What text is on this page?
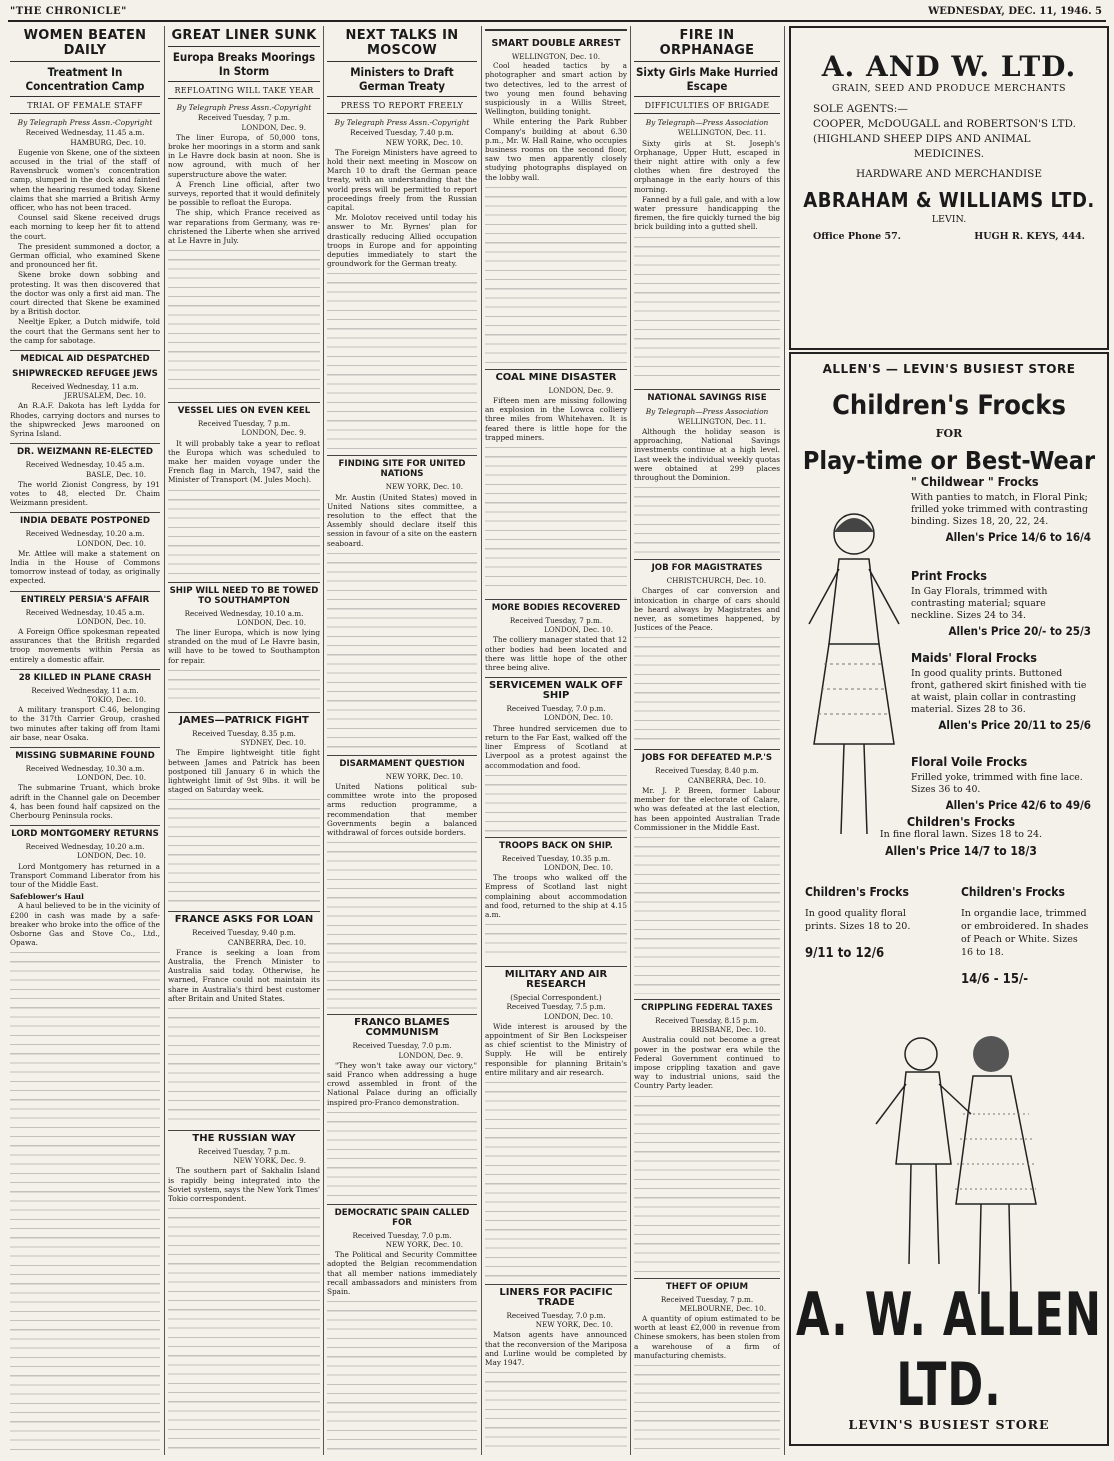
"THE CHRONICLE"	WEDNESDAY, DEC. 11, 1946. 5
WOMEN BEATEN DAILY
Treatment In Concentration Camp
TRIAL OF FEMALE STAFF
By Telegraph Press Assn.-Copyright
Received Wednesday, 11.45 a.m.
HAMBURG, Dec. 10.

Eugenie von Skene, one of the sixteen accused in the trial of the staff of Ravensbruck women's concentration camp, slumped in the dock and fainted when the hearing resumed today. Skene claims that she married a British Army officer, who has not been traced.

Counsel said Skene received drugs each morning to keep her fit to attend the court.

The president summoned a doctor, a German official, who examined Skene and pronounced her fit.

Skene broke down sobbing and protesting. It was then discovered that the doctor was only a first aid man. The court directed that Skene be examined by a British doctor.

Neeltje Epker, a Dutch midwife, told the court that the Germans sent her to the camp for sabotage.

MEDICAL AID DESPATCHED
SHIPWRECKED REFUGEE JEWS
Received Wednesday, 11 a.m.
JERUSALEM, Dec. 10.

An R.A.F. Dakota has left Lydda for Rhodes, carrying doctors and nurses to the shipwrecked Jews marooned on Syrina Island.

DR. WEIZMANN RE-ELECTED
Received Wednesday, 10.45 a.m.
BASLE, Dec. 10.

The world Zionist Congress, by 191 votes to 48, elected Dr. Chaim Weizmann president.

INDIA DEBATE POSTPONED
Received Wednesday, 10.20 a.m.
LONDON, Dec. 10.

Mr. Attlee will make a statement on India in the House of Commons tomorrow instead of today, as originally expected.

ENTIRELY PERSIA'S AFFAIR
Received Wednesday, 10.45 a.m.
LONDON, Dec. 10.

A Foreign Office spokesman repeated assurances that the British regarded troop movements within Persia as entirely a domestic affair.

28 KILLED IN PLANE CRASH
Received Wednesday, 11 a.m.
TOKIO, Dec. 10.

A military transport C.46, belonging to the 317th Carrier Group, crashed two minutes after taking off from Itami air base, near Osaka.

MISSING SUBMARINE FOUND
Received Wednesday, 10.30 a.m.
LONDON, Dec. 10.

The submarine Truant, which broke adrift in the Channel gale on December 4, has been found half capsized on the Cherbourg Peninsula rocks.

LORD MONTGOMERY RETURNS
Received Wednesday, 10.20 a.m.
LONDON, Dec. 10.

Lord Montgomery has returned in a Transport Command Liberator from his tour of the Middle East.

Safeblower's Haul

A haul believed to be in the vicinity of £200 in cash was made by a safe-breaker who broke into the office of the Osborne Gas and Stove Co., Ltd., Opawa.

GREAT LINER SUNK
Europa Breaks Moorings In Storm
REFLOATING WILL TAKE YEAR
By Telegraph Press Assn.-Copyright
Received Tuesday, 7 p.m.
LONDON, Dec. 9.

The liner Europa, of 50,000 tons, broke her moorings in a storm and sank in Le Havre dock basin at noon. She is now aground, with much of her superstructure above the water.

A French Line official, after two surveys, reported that it would definitely be possible to refloat the Europa.

The ship, which France received as war reparations from Germany, was re-christened the Liberte when she arrived at Le Havre in July.

VESSEL LIES ON EVEN KEEL
Received Tuesday, 7 p.m.
LONDON, Dec. 9.

It will probably take a year to refloat the Europa which was scheduled to make her maiden voyage under the French flag in March, 1947, said the Minister of Transport (M. Jules Moch).

SHIP WILL NEED TO BE TOWED TO SOUTHAMPTON
Received Wednesday, 10.10 a.m.
LONDON, Dec. 10.

The liner Europa, which is now lying stranded on the mud of Le Havre basin, will have to be towed to Southampton for repair.

JAMES—PATRICK FIGHT
Received Tuesday, 8.35 p.m.
SYDNEY, Dec. 10.

The Empire lightweight title fight between James and Patrick has been postponed till January 6 in which the lightweight limit of 9st 9lbs. it will be staged on Saturday week.

FRANCE ASKS FOR LOAN
Received Tuesday, 9.40 p.m.
CANBERRA, Dec. 10.

France is seeking a loan from Australia, the French Minister to Australia said today. Otherwise, he warned, France could not maintain its share in Australia's third best customer after Britain and United States.

THE RUSSIAN WAY
Received Tuesday, 7 p.m.
NEW YORK, Dec. 9.

The southern part of Sakhalin Island is rapidly being integrated into the Soviet system, says the New York Times' Tokio correspondent.

NEXT TALKS IN MOSCOW
Ministers to Draft German Treaty
PRESS TO REPORT FREELY
By Telegraph Press Assn.-Copyright
Received Tuesday, 7.40 p.m.
NEW YORK, Dec. 10.

The Foreign Ministers have agreed to hold their next meeting in Moscow on March 10 to draft the German peace treaty, with an understanding that the world press will be permitted to report proceedings freely from the Russian capital.

Mr. Molotov received until today his answer to Mr. Byrnes' plan for drastically reducing Allied occupation troops in Europe and for appointing deputies immediately to start the groundwork for the German treaty.

FINDING SITE FOR UNITED NATIONS
NEW YORK, Dec. 10.

Mr. Austin (United States) moved in United Nations sites committee, a resolution to the effect that the Assembly should declare itself this session in favour of a site on the eastern seaboard.

DISARMAMENT QUESTION
NEW YORK, Dec. 10.

United Nations political sub-committee wrote into the proposed arms reduction programme, a recommendation that member Governments begin a balanced withdrawal of forces outside borders.

FRANCO BLAMES COMMUNISM
Received Tuesday, 7.0 p.m.
LONDON, Dec. 9.

"They won't take away our victory," said Franco when addressing a huge crowd assembled in front of the National Palace during an officially inspired pro-Franco demonstration.

DEMOCRATIC SPAIN CALLED FOR
Received Tuesday, 7.0 p.m.
NEW YORK, Dec. 10.

The Political and Security Committee adopted the Belgian recommendation that all member nations immediately recall ambassadors and ministers from Spain.

SMART DOUBLE ARREST
WELLINGTON, Dec. 10.

Cool headed tactics by a photographer and smart action by two detectives, led to the arrest of two young men found behaving suspiciously in a Willis Street, Wellington, building tonight.

While entering the Park Rubber Company's building at about 6.30 p.m., Mr. W. Hall Raine, who occupies business rooms on the second floor, saw two men apparently closely studying photographs displayed on the lobby wall.

COAL MINE DISASTER
LONDON, Dec. 9.

Fifteen men are missing following an explosion in the Lowca colliery three miles from Whitehaven. It is feared there is little hope for the trapped miners.

MORE BODIES RECOVERED
Received Tuesday, 7 p.m.
LONDON, Dec. 10.

The colliery manager stated that 12 other bodies had been located and there was little hope of the other three being alive.

SERVICEMEN WALK OFF SHIP
Received Tuesday, 7.0 p.m.
LONDON, Dec. 10.

Three hundred servicemen due to return to the Far East, walked off the liner Empress of Scotland at Liverpool as a protest against the accommodation and food.

TROOPS BACK ON SHIP.
Received Tuesday, 10.35 p.m.
LONDON, Dec. 10.

The troops who walked off the Empress of Scotland last night complaining about accommodation and food, returned to the ship at 4.15 a.m.

MILITARY AND AIR RESEARCH
(Special Correspondent.)
Received Tuesday, 7.5 p.m.
LONDON, Dec. 10.

Wide interest is aroused by the appointment of Sir Ben Lockspeiser as chief scientist to the Ministry of Supply. He will be entirely responsible for planning Britain's entire military and air research.

LINERS FOR PACIFIC TRADE
Received Tuesday, 7.0 p.m.
NEW YORK, Dec. 10.

Matson agents have announced that the reconversion of the Mariposa and Lurline would be completed by May 1947.

FIRE IN ORPHANAGE
Sixty Girls Make Hurried Escape
DIFFICULTIES OF BRIGADE
By Telegraph—Press Association
WELLINGTON, Dec. 11.

Sixty girls at St. Joseph's Orphanage, Upper Hutt, escaped in their night attire with only a few clothes when fire destroyed the orphanage in the early hours of this morning.

Fanned by a full gale, and with a low water pressure handicapping the firemen, the fire quickly turned the big brick building into a gutted shell.

NATIONAL SAVINGS RISE
By Telegraph—Press Association
WELLINGTON, Dec. 11.

Although the holiday season is approaching, National Savings investments continue at a high level. Last week the individual weekly quotas were obtained at 299 places throughout the Dominion.

JOB FOR MAGISTRATES
CHRISTCHURCH, Dec. 10.

Charges of car conversion and intoxication in charge of cars should be heard always by Magistrates and never, as sometimes happened, by Justices of the Peace.

JOBS FOR DEFEATED M.P.'S
Received Tuesday, 8.40 p.m.
CANBERRA, Dec. 10.

Mr. J. P. Breen, former Labour member for the electorate of Calare, who was defeated at the last election, has been appointed Australian Trade Commissioner in the Middle East.

CRIPPLING FEDERAL TAXES
Received Tuesday, 8.15 p.m.
BRISBANE, Dec. 10.

Australia could not become a great power in the postwar era while the Federal Government continued to impose crippling taxation and gave way to industrial unions, said the Country Party leader.

THEFT OF OPIUM
Received Tuesday, 7 p.m.
MELBOURNE, Dec. 10.

A quantity of opium estimated to be worth at least £2,000 in revenue from Chinese smokers, has been stolen from a warehouse of a firm of manufacturing chemists.

A. AND W. LTD.
GRAIN, SEED AND PRODUCE MERCHANTS
SOLE AGENTS:—
COOPER, McDOUGALL and ROBERTSON'S LTD.
(HIGHLAND SHEEP DIPS AND ANIMAL
MEDICINES.
HARDWARE AND MERCHANDISE
ABRAHAM & WILLIAMS LTD.
LEVIN.
Office Phone 57.	HUGH R. KEYS, 444.
ALLEN'S — LEVIN'S BUSIEST STORE
Children's Frocks
FOR
Play-time or Best-Wear
" Childwear " Frocks
With panties to match, in Floral Pink; frilled yoke trimmed with contrasting binding. Sizes 18, 20, 22, 24.
Allen's Price 14/6 to 16/4
Print Frocks
In Gay Florals, trimmed with contrasting material; square neckline. Sizes 24 to 34.
Allen's Price 20/- to 25/3
Maids' Floral Frocks
In good quality prints. Buttoned front, gathered skirt finished with tie at waist, plain collar in contrasting material. Sizes 28 to 36.
Allen's Price 20/11 to 25/6
Floral Voile Frocks
Frilled yoke, trimmed with fine lace. Sizes 36 to 40.
Allen's Price 42/6 to 49/6
Children's Frocks
In fine floral lawn. Sizes 18 to 24.
Allen's Price 14/7 to 18/3
Children's Frocks
In good quality floral prints. Sizes 18 to 20.
9/11 to 12/6
Children's Frocks
In organdie lace, trimmed or embroidered. In shades of Peach or White. Sizes 16 to 18.
14/6 - 15/-
A. W. ALLEN LTD.
LEVIN'S BUSIEST STORE
